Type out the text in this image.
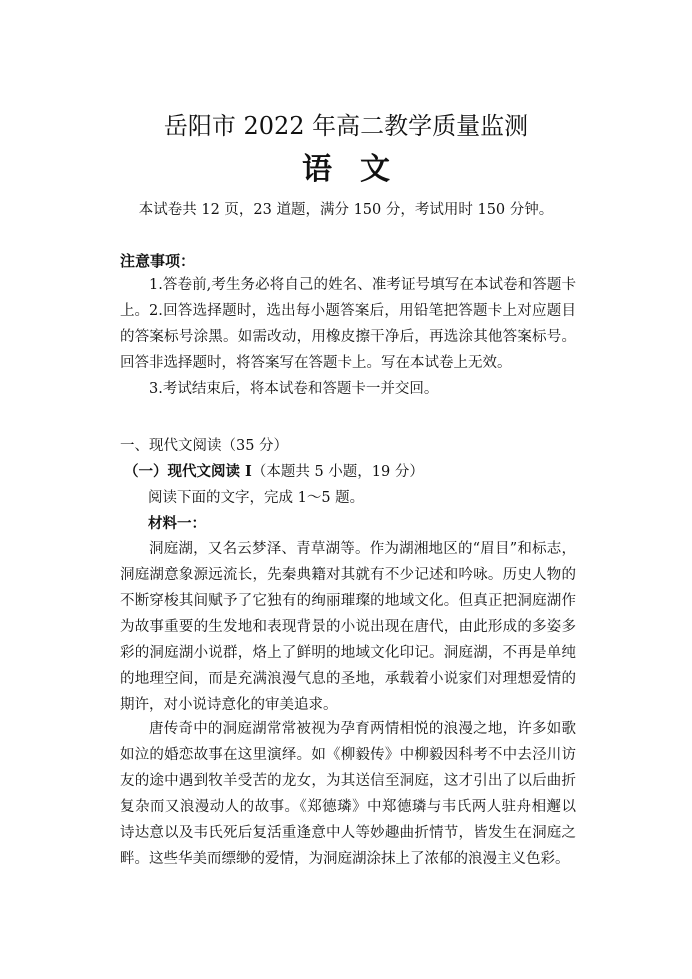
岳阳市 2022 年高二教学质量监测
语文
本试卷共 12 页，23 道题，满分 150 分，考试用时 150 分钟。
注意事项：
1.答卷前,考生务必将自己的姓名、准考证号填写在本试卷和答题卡上。 2.回答选择题时，选出每小题答案后，用铅笔把答题卡上对应题目的答案标号涂黑。如需改动，用橡皮擦干净后，再选涂其他答案标号。回答非选择题时，将答案写在答题卡上。写在本试卷上无效。
3.考试结束后，将本试卷和答题卡一并交回。
一、现代文阅读（35 分）
（一）现代文阅读 I（本题共 5 小题，19 分）
阅读下面的文字，完成 1～5 题。
材料一：
洞庭湖，又名云梦泽、青草湖等。作为湖湘地区的“眉目”和标志，洞庭湖意象源远流长，先秦典籍对其就有不少记述和吟咏。历史人物的不断穿梭其间赋予了它独有的绚丽璀璨的地域文化。但真正把洞庭湖作为故事重要的生发地和表现背景的小说出现在唐代，由此形成的多姿多彩的洞庭湖小说群，烙上了鲜明的地域文化印记。洞庭湖，不再是单纯的地理空间，而是充满浪漫气息的圣地，承载着小说家们对理想爱情的期许，对小说诗意化的审美追求。
唐传奇中的洞庭湖常常被视为孕育两情相悦的浪漫之地，许多如歌如泣的婚恋故事在这里演绎。如《柳毅传》中柳毅因科考不中去泾川访友的途中遇到牧羊受苦的龙女，为其送信至洞庭，这才引出了以后曲折复杂而又浪漫动人的故事。《郑德璘》中郑德璘与韦氏两人驻舟相邂以诗达意以及韦氏死后复活重逢意中人等妙趣曲折情节，皆发生在洞庭之畔。这些华美而缥缈的爱情，为洞庭湖涂抹上了浓郁的浪漫主义色彩。
